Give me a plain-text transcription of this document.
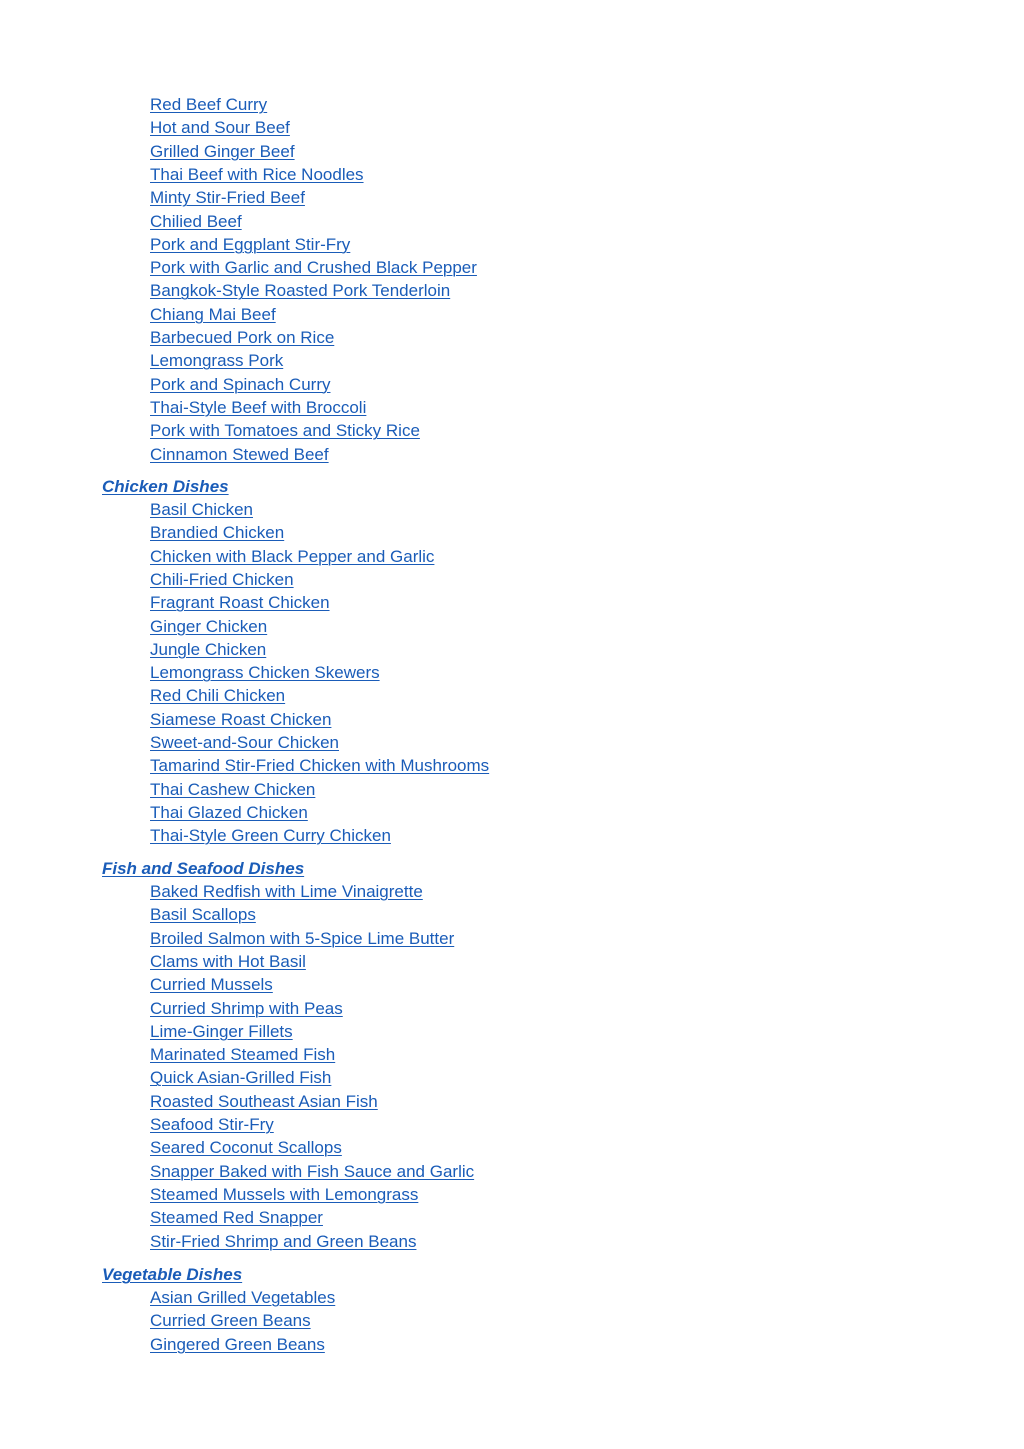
Red Beef Curry
Hot and Sour Beef
Grilled Ginger Beef
Thai Beef with Rice Noodles
Minty Stir-Fried Beef
Chilied Beef
Pork and Eggplant Stir-Fry
Pork with Garlic and Crushed Black Pepper
Bangkok-Style Roasted Pork Tenderloin
Chiang Mai Beef
Barbecued Pork on Rice
Lemongrass Pork
Pork and Spinach Curry
Thai-Style Beef with Broccoli
Pork with Tomatoes and Sticky Rice
Cinnamon Stewed Beef
Chicken Dishes
Basil Chicken
Brandied Chicken
Chicken with Black Pepper and Garlic
Chili-Fried Chicken
Fragrant Roast Chicken
Ginger Chicken
Jungle Chicken
Lemongrass Chicken Skewers
Red Chili Chicken
Siamese Roast Chicken
Sweet-and-Sour Chicken
Tamarind Stir-Fried Chicken with Mushrooms
Thai Cashew Chicken
Thai Glazed Chicken
Thai-Style Green Curry Chicken
Fish and Seafood Dishes
Baked Redfish with Lime Vinaigrette
Basil Scallops
Broiled Salmon with 5-Spice Lime Butter
Clams with Hot Basil
Curried Mussels
Curried Shrimp with Peas
Lime-Ginger Fillets
Marinated Steamed Fish
Quick Asian-Grilled Fish
Roasted Southeast Asian Fish
Seafood Stir-Fry
Seared Coconut Scallops
Snapper Baked with Fish Sauce and Garlic
Steamed Mussels with Lemongrass
Steamed Red Snapper
Stir-Fried Shrimp and Green Beans
Vegetable Dishes
Asian Grilled Vegetables
Curried Green Beans
Gingered Green Beans
